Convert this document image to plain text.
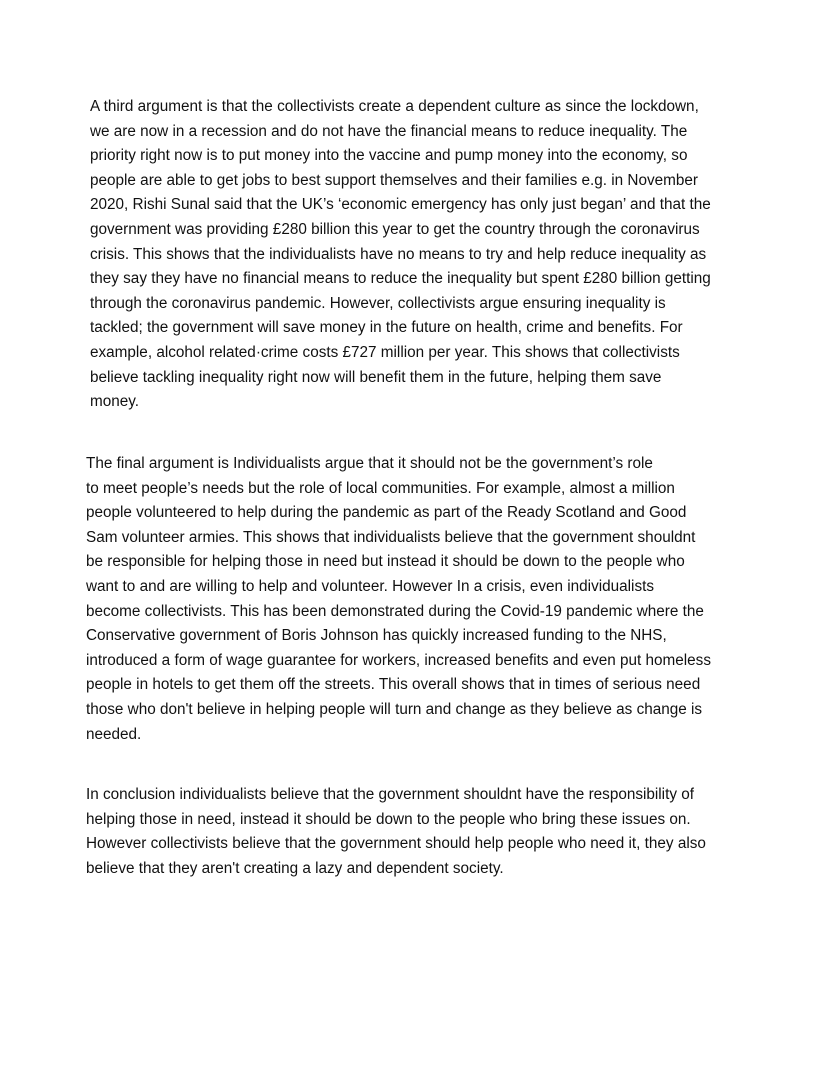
A third argument is that the collectivists create a dependent culture as since the lockdown,
we are now in a recession and do not have the financial means to reduce inequality. The
priority right now is to put money into the vaccine and pump money into the economy, so
people are able to get jobs to best support themselves and their families e.g. in November
2020, Rishi Sunal said that the UK’s ‘economic emergency has only just began’ and that the
government was providing £280 billion this year to get the country through the coronavirus
crisis. This shows that the individualists have no means to try and help reduce inequality as
they say they have no financial means to reduce the inequality but spent £280 billion getting
through the coronavirus pandemic. However, collectivists argue ensuring inequality is
tackled; the government will save money in the future on health, crime and benefits. For
example, alcohol related·crime costs £727 million per year. This shows that collectivists
believe tackling inequality right now will benefit them in the future, helping them save
money.

The final argument is Individualists argue that it should not be the government’s role
to meet people’s needs but the role of local communities. For example, almost a million
people volunteered to help during the pandemic as part of the Ready Scotland and Good
Sam volunteer armies. This shows that individualists believe that the government shouldnt
be responsible for helping those in need but instead it should be down to the people who
want to and are willing to help and volunteer. However In a crisis, even individualists
become collectivists. This has been demonstrated during the Covid-19 pandemic where the
Conservative government of Boris Johnson has quickly increased funding to the NHS,
introduced a form of wage guarantee for workers, increased benefits and even put homeless
people in hotels to get them off the streets. This overall shows that in times of serious need
those who don't believe in helping people will turn and change as they believe as change is
needed.

In conclusion individualists believe that the government shouldnt have the responsibility of
helping those in need, instead it should be down to the people who bring these issues on.
However collectivists believe that the government should help people who need it, they also
believe that they aren't creating a lazy and dependent society.
